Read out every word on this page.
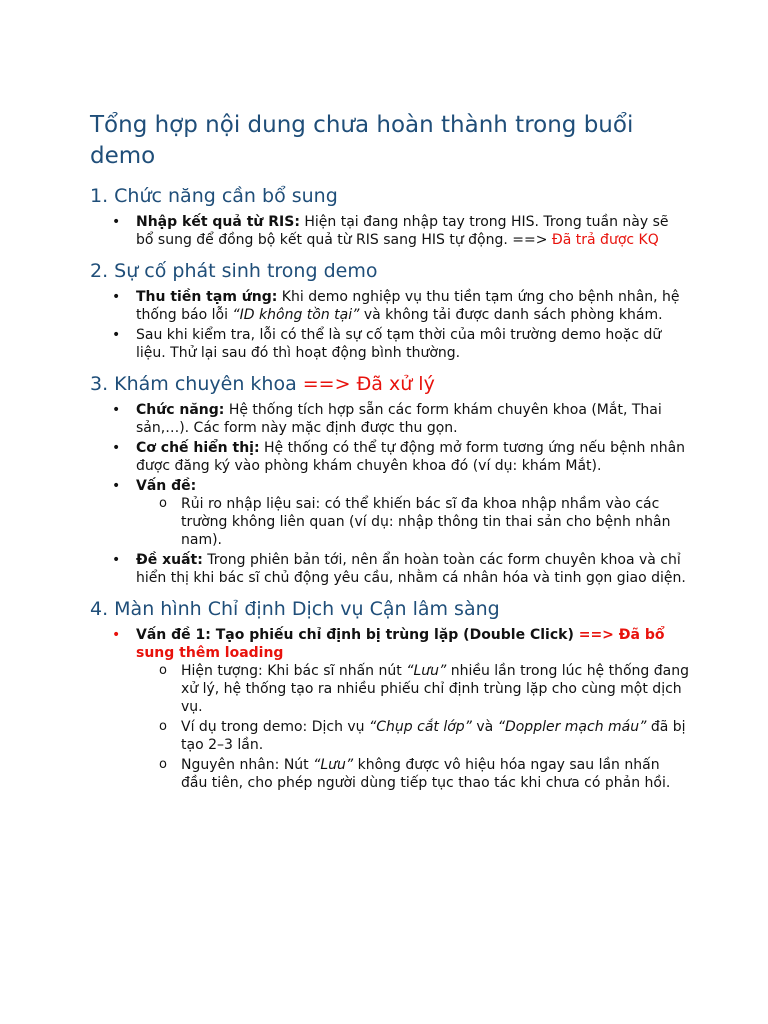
Tổng hợp nội dung chưa hoàn thành trong buổi demo
1. Chức năng cần bổ sung
• Nhập kết quả từ RIS: Hiện tại đang nhập tay trong HIS. Trong tuần này sẽ bổ sung để đồng bộ kết quả từ RIS sang HIS tự động. ==> Đã trả được KQ
2. Sự cố phát sinh trong demo
• Thu tiền tạm ứng: Khi demo nghiệp vụ thu tiền tạm ứng cho bệnh nhân, hệ thống báo lỗi “ID không tồn tại” và không tải được danh sách phòng khám.
• Sau khi kiểm tra, lỗi có thể là sự cố tạm thời của môi trường demo hoặc dữ liệu. Thử lại sau đó thì hoạt động bình thường.
3. Khám chuyên khoa ==> Đã xử lý
• Chức năng: Hệ thống tích hợp sẵn các form khám chuyên khoa (Mắt, Thai sản,…). Các form này mặc định được thu gọn.
• Cơ chế hiển thị: Hệ thống có thể tự động mở form tương ứng nếu bệnh nhân được đăng ký vào phòng khám chuyên khoa đó (ví dụ: khám Mắt).
• Vấn đề:
o Rủi ro nhập liệu sai: có thể khiến bác sĩ đa khoa nhập nhầm vào các trường không liên quan (ví dụ: nhập thông tin thai sản cho bệnh nhân nam).
• Đề xuất: Trong phiên bản tới, nên ẩn hoàn toàn các form chuyên khoa và chỉ hiển thị khi bác sĩ chủ động yêu cầu, nhằm cá nhân hóa và tinh gọn giao diện.
4. Màn hình Chỉ định Dịch vụ Cận lâm sàng
• Vấn đề 1: Tạo phiếu chỉ định bị trùng lặp (Double Click) ==> Đã bổ sung thêm loading
o Hiện tượng: Khi bác sĩ nhấn nút “Lưu” nhiều lần trong lúc hệ thống đang xử lý, hệ thống tạo ra nhiều phiếu chỉ định trùng lặp cho cùng một dịch vụ.
o Ví dụ trong demo: Dịch vụ “Chụp cắt lớp” và “Doppler mạch máu” đã bị tạo 2–3 lần.
o Nguyên nhân: Nút “Lưu” không được vô hiệu hóa ngay sau lần nhấn đầu tiên, cho phép người dùng tiếp tục thao tác khi chưa có phản hồi.
